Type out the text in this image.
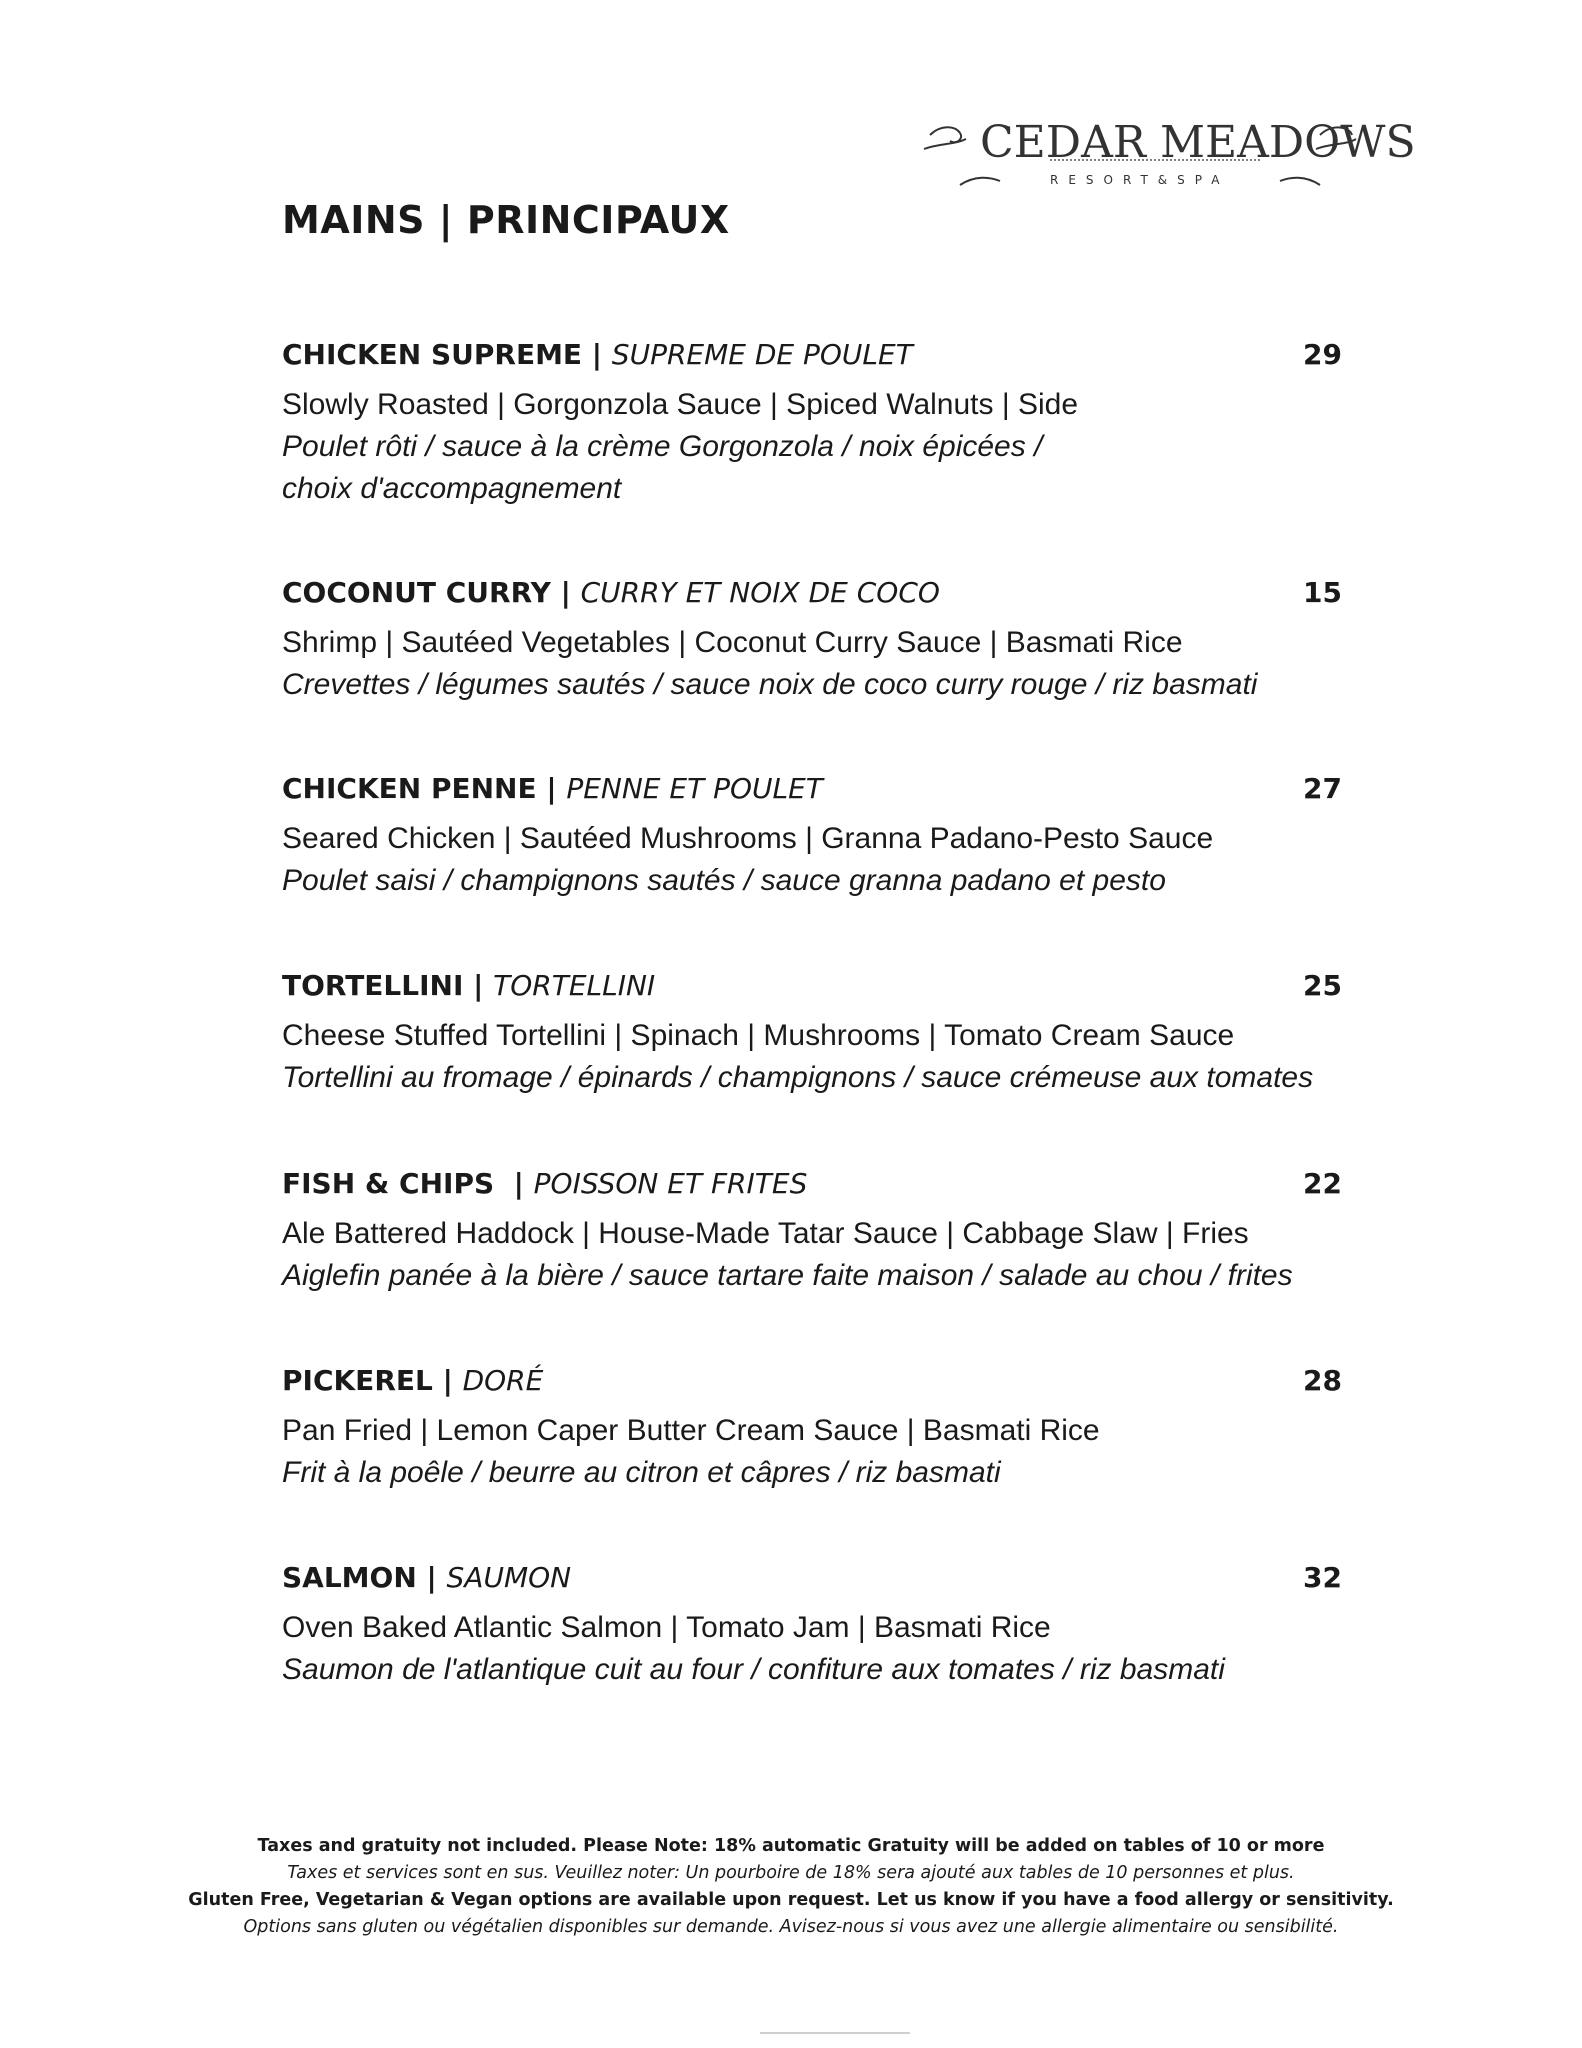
CEDAR MEADOWS
RESORT&SPA
MAINS | PRINCIPAUX
CHICKEN SUPREME | SUPREME DE POULET	29
Slowly Roasted | Gorgonzola Sauce | Spiced Walnuts | Side
Poulet rôti / sauce à la crème Gorgonzola / noix épicées / choix d'accompagnement
COCONUT CURRY | CURRY ET NOIX DE COCO	15
Shrimp | Sautéed Vegetables | Coconut Curry Sauce | Basmati Rice
Crevettes / légumes sautés / sauce noix de coco curry rouge / riz basmati
CHICKEN PENNE | PENNE ET POULET	27
Seared Chicken | Sautéed Mushrooms | Granna Padano-Pesto Sauce
Poulet saisi / champignons sautés / sauce granna padano et pesto
TORTELLINI | TORTELLINI	25
Cheese Stuffed Tortellini | Spinach | Mushrooms | Tomato Cream Sauce
Tortellini au fromage / épinards / champignons / sauce crémeuse aux tomates
FISH & CHIPS  | POISSON ET FRITES	22
Ale Battered Haddock | House-Made Tatar Sauce | Cabbage Slaw | Fries
Aiglefin panée à la bière / sauce tartare faite maison / salade au chou / frites
PICKEREL | DORÉ	28
Pan Fried | Lemon Caper Butter Cream Sauce | Basmati Rice
Frit à la poêle / beurre au citron et câpres / riz basmati
SALMON | SAUMON	32
Oven Baked Atlantic Salmon | Tomato Jam | Basmati Rice
Saumon de l'atlantique cuit au four / confiture aux tomates / riz basmati
Taxes and gratuity not included. Please Note: 18% automatic Gratuity will be added on tables of 10 or more
Taxes et services sont en sus. Veuillez noter: Un pourboire de 18% sera ajouté aux tables de 10 personnes et plus.
Gluten Free, Vegetarian & Vegan options are available upon request. Let us know if you have a food allergy or sensitivity.
Options sans gluten ou végétalien disponibles sur demande. Avisez-nous si vous avez une allergie alimentaire ou sensibilité.
